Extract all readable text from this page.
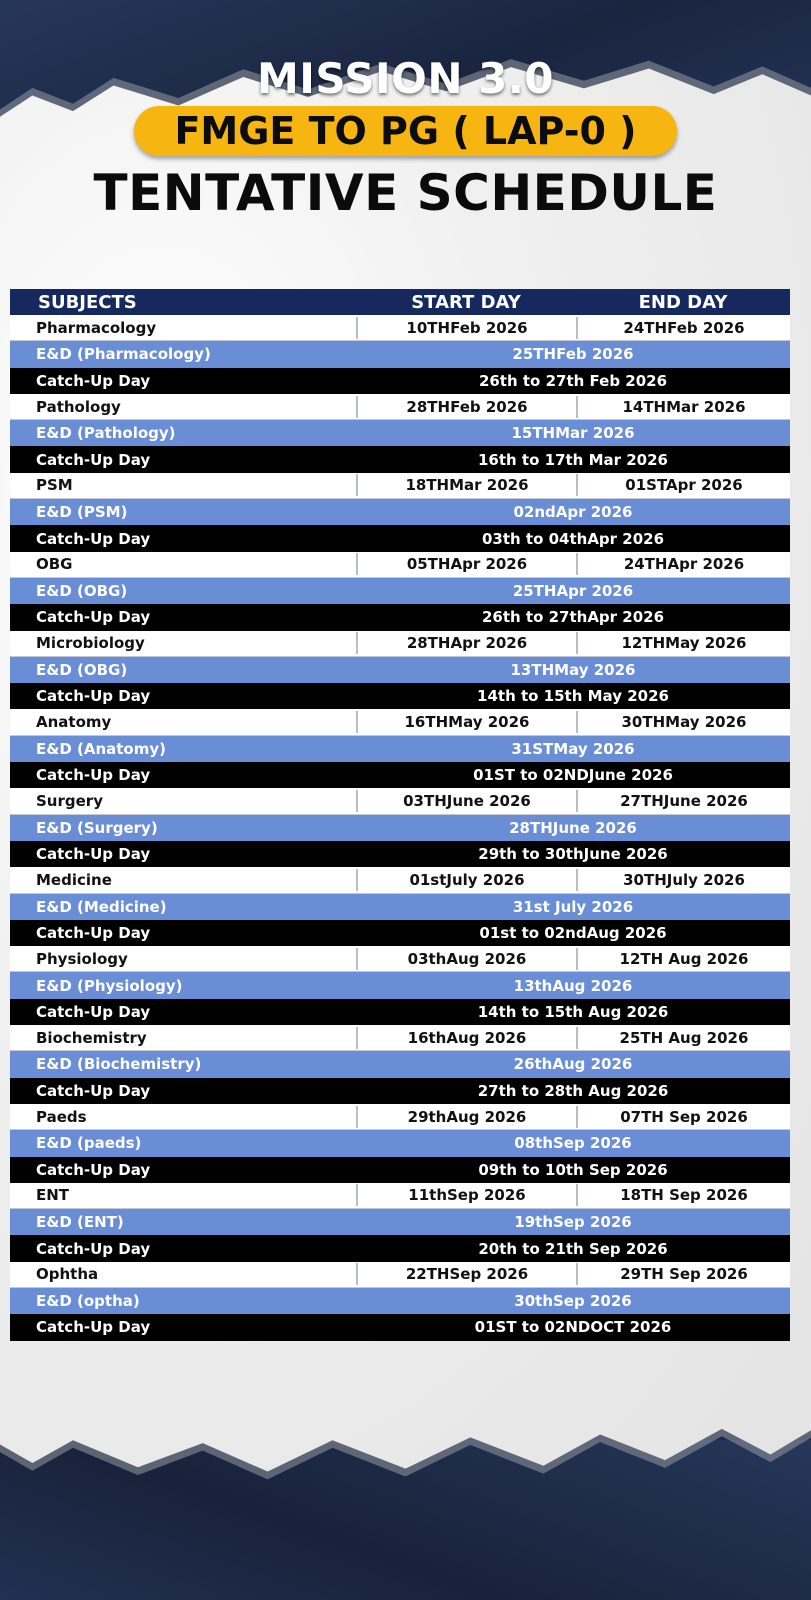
MISSION 3.0
FMGE TO PG ( LAP-0 )
TENTATIVE SCHEDULE
SUBJECTS	START DAY	END DAY
Pharmacology	10THFeb 2026	24THFeb 2026
E&D (Pharmacology)	25THFeb 2026
Catch-Up Day	26th to 27th Feb 2026
Pathology	28THFeb 2026	14THMar 2026
E&D (Pathology)	15THMar 2026
Catch-Up Day	16th to 17th Mar 2026
PSM	18THMar 2026	01STApr 2026
E&D (PSM)	02ndApr 2026
Catch-Up Day	03th to 04thApr 2026
OBG	05THApr 2026	24THApr 2026
E&D (OBG)	25THApr 2026
Catch-Up Day	26th to 27thApr 2026
Microbiology	28THApr 2026	12THMay 2026
E&D (OBG)	13THMay 2026
Catch-Up Day	14th to 15th May 2026
Anatomy	16THMay 2026	30THMay 2026
E&D (Anatomy)	31STMay 2026
Catch-Up Day	01ST to 02NDJune 2026
Surgery	03THJune 2026	27THJune 2026
E&D (Surgery)	28THJune 2026
Catch-Up Day	29th to 30thJune 2026
Medicine	01stJuly 2026	30THJuly 2026
E&D (Medicine)	31st July 2026
Catch-Up Day	01st to 02ndAug 2026
Physiology	03thAug 2026	12TH Aug 2026
E&D (Physiology)	13thAug 2026
Catch-Up Day	14th to 15th Aug 2026
Biochemistry	16thAug 2026	25TH Aug 2026
E&D (Biochemistry)	26thAug 2026
Catch-Up Day	27th to 28th Aug 2026
Paeds	29thAug 2026	07TH Sep 2026
E&D (paeds)	08thSep 2026
Catch-Up Day	09th to 10th Sep 2026
ENT	11thSep 2026	18TH Sep 2026
E&D (ENT)	19thSep 2026
Catch-Up Day	20th to 21th Sep 2026
Ophtha	22THSep 2026	29TH Sep 2026
E&D (optha)	30thSep 2026
Catch-Up Day	01ST to 02NDOCT 2026
